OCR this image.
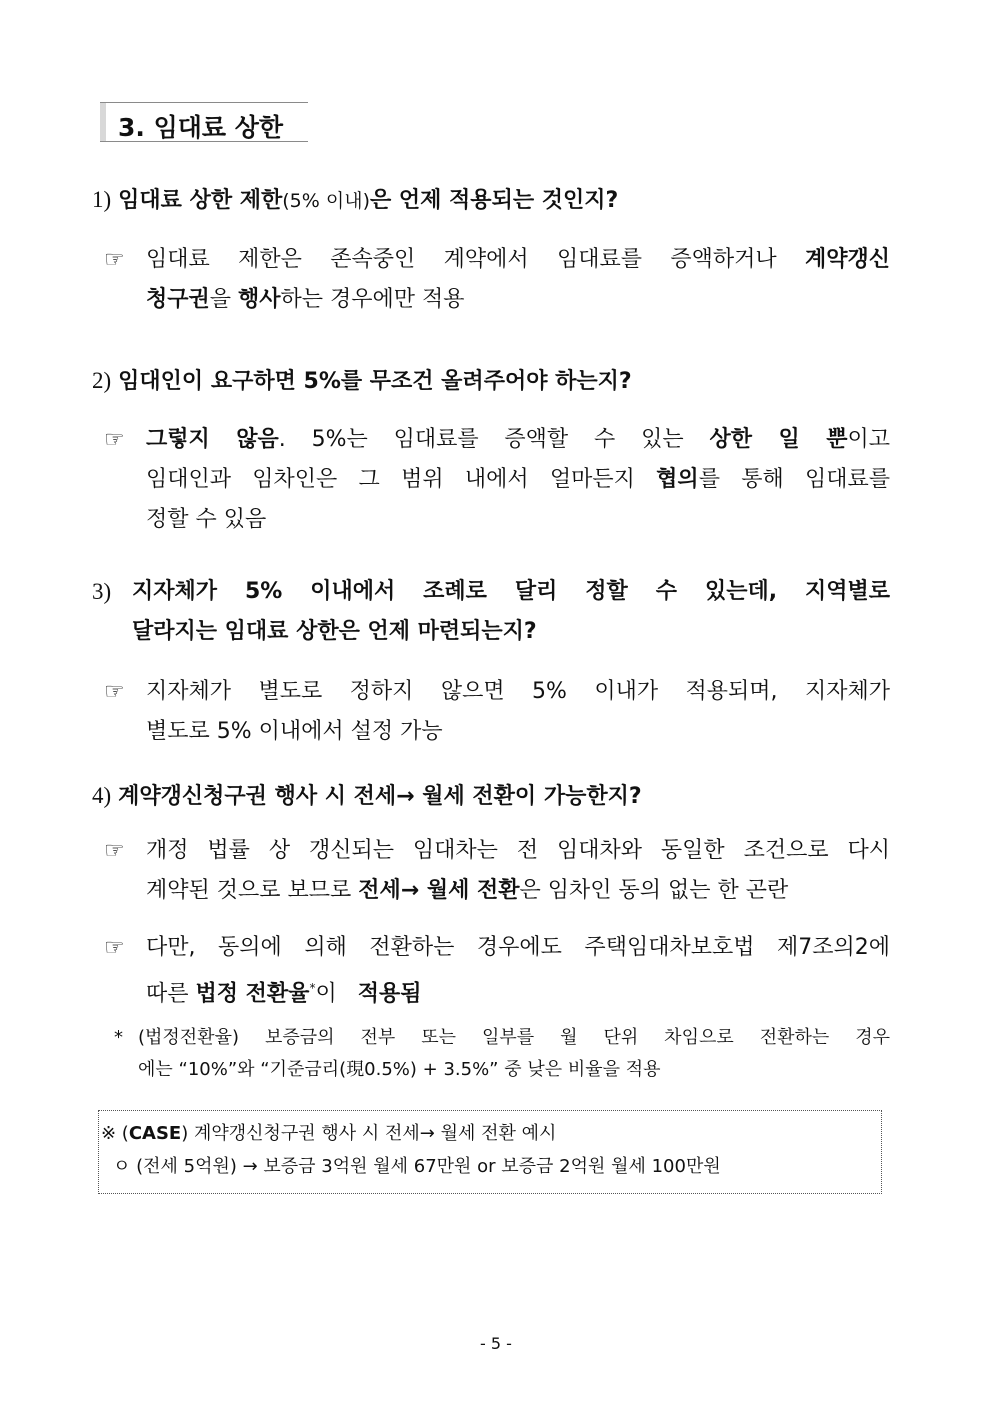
3. 임대료 상한
1) 임대료 상한 제한(5% 이내)은 언제 적용되는 것인지?
☞ 임대료 제한은 존속중인 계약에서 임대료를 증액하거나 계약갱신
청구권을 행사하는 경우에만 적용
2) 임대인이 요구하면 5%를 무조건 올려주어야 하는지?
☞ 그렇지 않음. 5%는 임대료를 증액할 수 있는 상한 일 뿐이고
임대인과 임차인은 그 범위 내에서 얼마든지 협의를 통해 임대료를
정할 수 있음
3) 지자체가 5% 이내에서 조례로 달리 정할 수 있는데, 지역별로
달라지는 임대료 상한은 언제 마련되는지?
☞ 지자체가 별도로 정하지 않으면 5% 이내가 적용되며, 지자체가
별도로 5% 이내에서 설정 가능
4) 계약갱신청구권 행사 시 전세→ 월세 전환이 가능한지?
☞ 개정 법률 상 갱신되는 임대차는 전 임대차와 동일한 조건으로 다시
계약된 것으로 보므로 전세→ 월세 전환은 임차인 동의 없는 한 곤란
☞ 다만, 동의에 의해 전환하는 경우에도 주택임대차보호법 제7조의2에
따른 법정 전환율*이 적용됨
* (법정전환율) 보증금의 전부 또는 일부를 월 단위 차임으로 전환하는 경우
에는 “10%”와 “기준금리(現0.5%) + 3.5%” 중 낮은 비율을 적용
※ (CASE) 계약갱신청구권 행사 시 전세→ 월세 전환 예시
ㅇ (전세 5억원) → 보증금 3억원 월세 67만원 or 보증금 2억원 월세 100만원
- 5 -
